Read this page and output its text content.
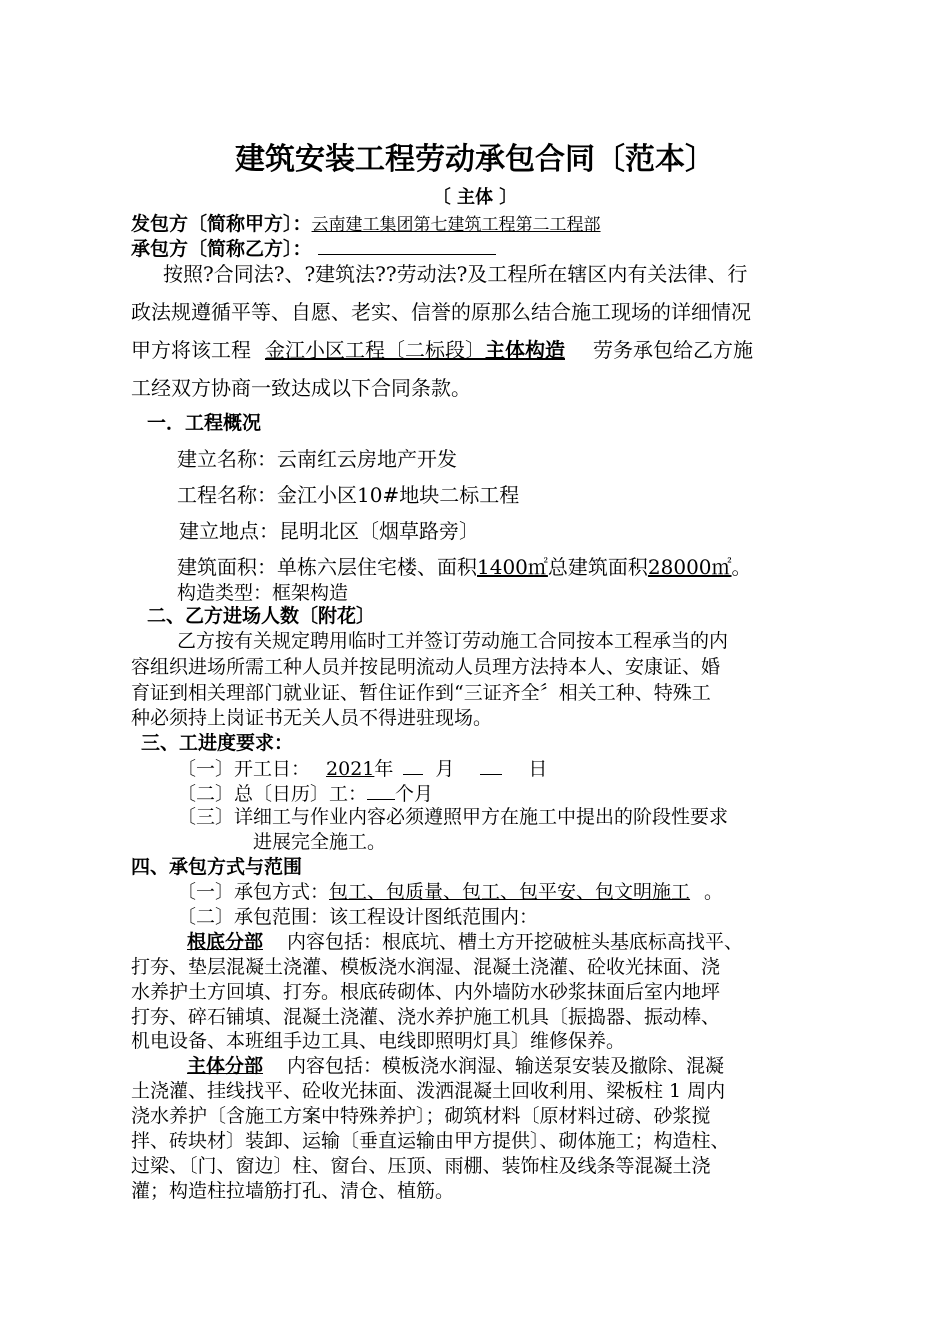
建筑安装工程劳动承包合同〔范本〕
〔 主体 〕
发包方〔简称甲方〕：云南建工集团第七建筑工程第二工程部
承包方〔简称乙方〕：
按照?合同法?、?建筑法??劳动法?及工程所在辖区内有关法律、行
政法规遵循平等、自愿、老实、信誉的原那么结合施工现场的详细情况
甲方将该工程 金江小区工程〔二标段〕主体构造 劳务承包给乙方施
工经双方协商一致达成以下合同条款。
一．工程概况
建立名称：云南红云房地产开发
工程名称：金江小区10#地块二标工程
建立地点：昆明北区〔烟草路旁〕
建筑面积：单栋六层住宅楼、面积1400㎡总建筑面积28000㎡。
构造类型：框架构造
二、乙方进场人数〔附花〕
乙方按有关规定聘用临时工并签订劳动施工合同按本工程承当的内
容组织进场所需工种人员并按昆明流动人员理方法持本人、安康证、婚
育证到相关理部门就业证、暂住证作到“三证齐全〞相关工种、特殊工
种必须持上岗证书无关人员不得进驻现场。
三、工进度要求：
〔一〕开工日： 2021年 月	日
〔二〕总〔日历〕工： 个月
〔三〕详细工与作业内容必须遵照甲方在施工中提出的阶段性要求
进展完全施工。
四、承包方式与范围
〔一〕承包方式：包工、包质量、包工、包平安、包文明施工 。
〔二〕承包范围：该工程设计图纸范围内：
根底分部 内容包括：根底坑、槽土方开挖破桩头基底标高找平、
打夯、垫层混凝土浇灌、模板浇水润湿、混凝土浇灌、砼收光抹面、浇
水养护土方回填、打夯。根底砖砌体、内外墙防水砂浆抹面后室内地坪
打夯、碎石铺填、混凝土浇灌、浇水养护施工机具〔振捣器、振动棒、
机电设备、本班组手边工具、电线即照明灯具〕维修保养。
主体分部 内容包括：模板浇水润湿、输送泵安装及撤除、混凝
土浇灌、挂线找平、砼收光抹面、泼洒混凝土回收利用、梁板柱 1 周内
浇水养护〔含施工方案中特殊养护〕；砌筑材料〔原材料过磅、砂浆搅
拌、砖块材〕装卸、运输〔垂直运输由甲方提供〕、砌体施工；构造柱、
过梁、〔门、窗边〕柱、窗台、压顶、雨棚、装饰柱及线条等混凝土浇
灌；构造柱拉墙筋打孔、清仓、植筋。
